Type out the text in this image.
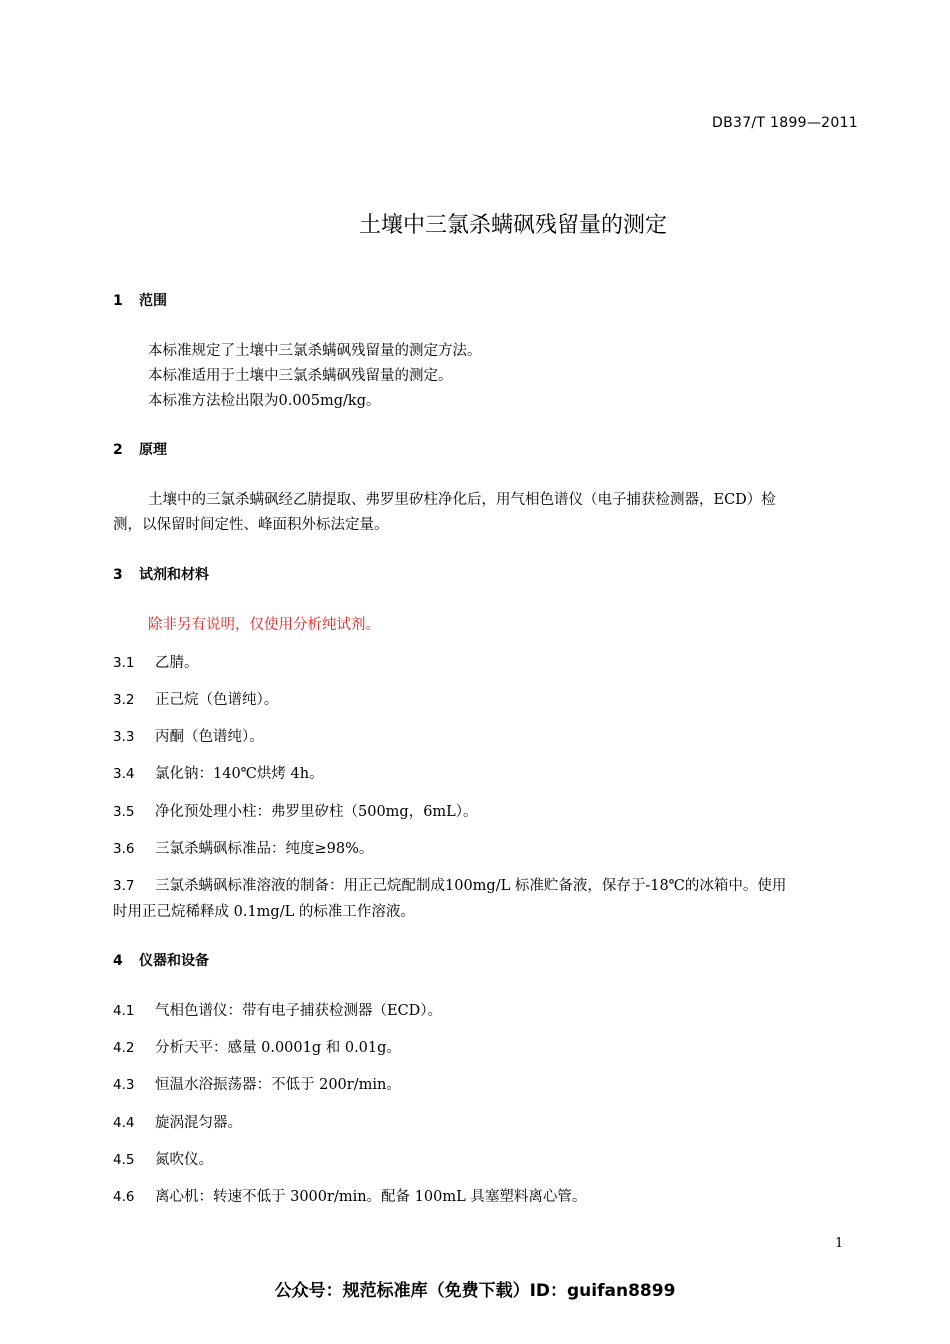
DB37/T 1899—2011
土壤中三氯杀螨砜残留量的测定
1 范围
本标准规定了土壤中三氯杀螨砜残留量的测定方法。
本标准适用于土壤中三氯杀螨砜残留量的测定。
本标准方法检出限为0.005mg/kg。
2 原理
土壤中的三氯杀螨砜经乙腈提取、弗罗里矽柱净化后，用气相色谱仪（电子捕获检测器，ECD）检
测，以保留时间定性、峰面积外标法定量。
3 试剂和材料
除非另有说明，仅使用分析纯试剂。
3.1 乙腈。
3.2 正己烷（色谱纯）。
3.3 丙酮（色谱纯）。
3.4 氯化钠：140℃烘烤 4h。
3.5 净化预处理小柱：弗罗里矽柱（500mg，6mL）。
3.6 三氯杀螨砜标准品：纯度≥98%。
3.7 三氯杀螨砜标准溶液的制备：用正己烷配制成100mg/L 标准贮备液，保存于-18℃的冰箱中。使用
时用正己烷稀释成 0.1mg/L 的标准工作溶液。
4 仪器和设备
4.1 气相色谱仪：带有电子捕获检测器（ECD）。
4.2 分析天平：感量 0.0001g 和 0.01g。
4.3 恒温水浴振荡器：不低于 200r/min。
4.4 旋涡混匀器。
4.5 氮吹仪。
4.6 离心机：转速不低于 3000r/min。配备 100mL 具塞塑料离心管。
1
公众号：规范标准库（免费下载）ID：guifan8899
